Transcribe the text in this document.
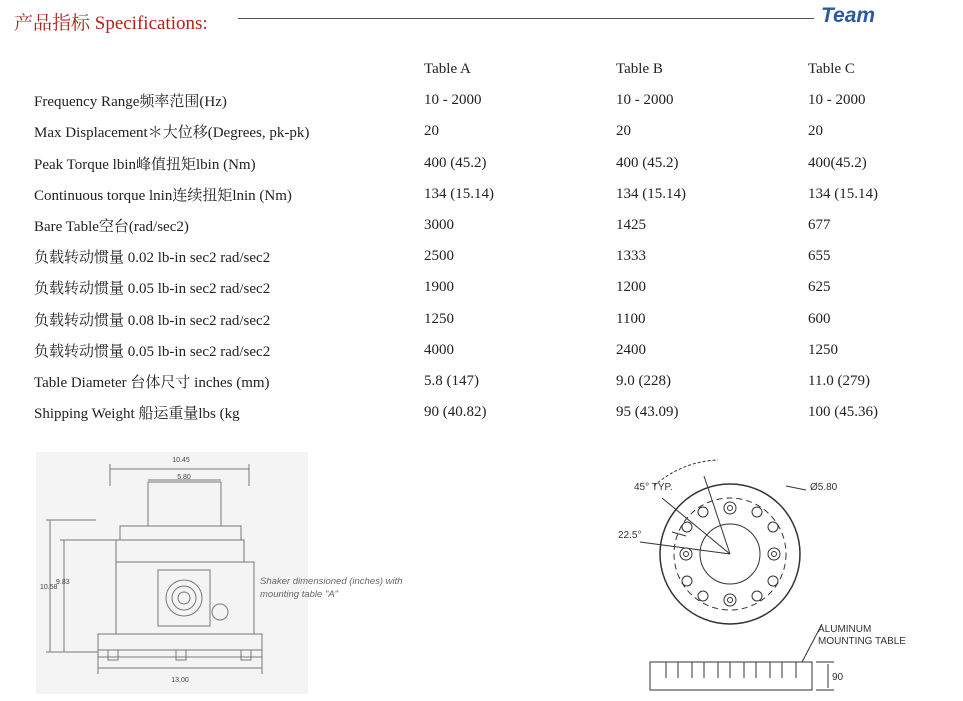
产品指标 Specifications:	Team
	Table A	Table B	Table C
Frequency Range频率范围(Hz)	10 - 2000	10 - 2000	10 - 2000
Max Displacement＊大位移(Degrees, pk-pk)	20	20	20
Peak Torque lbin峰值扭矩lbin (Nm)	400 (45.2)	400 (45.2)	400(45.2)
Continuous torque lnin连续扭矩lnin (Nm)	134 (15.14)	134 (15.14)	134 (15.14)
Bare Table空台(rad/sec2)	3000	1425	677
负载转动惯量 0.02 lb-in sec2 rad/sec2	2500	1333	655
负载转动惯量 0.05 lb-in sec2 rad/sec2	1900	1200	625
负载转动惯量 0.08 lb-in sec2 rad/sec2	1250	1100	600
负载转动惯量 0.05 lb-in sec2 rad/sec2	4000	2400	1250
Table Diameter 台体尺寸 inches (mm)	5.8 (147)	9.0 (228)	11.0 (279)
Shipping Weight 船运重量lbs (kg	90 (40.82)	95 (43.09)	100 (45.36)
10.45
5.80
10.58
9.83
13.00
Shaker dimensioned (inches) with
mounting table "A"
45° TYP.	Ø5.80
22.5°
ALUMINUM
MOUNTING TABLE
90
